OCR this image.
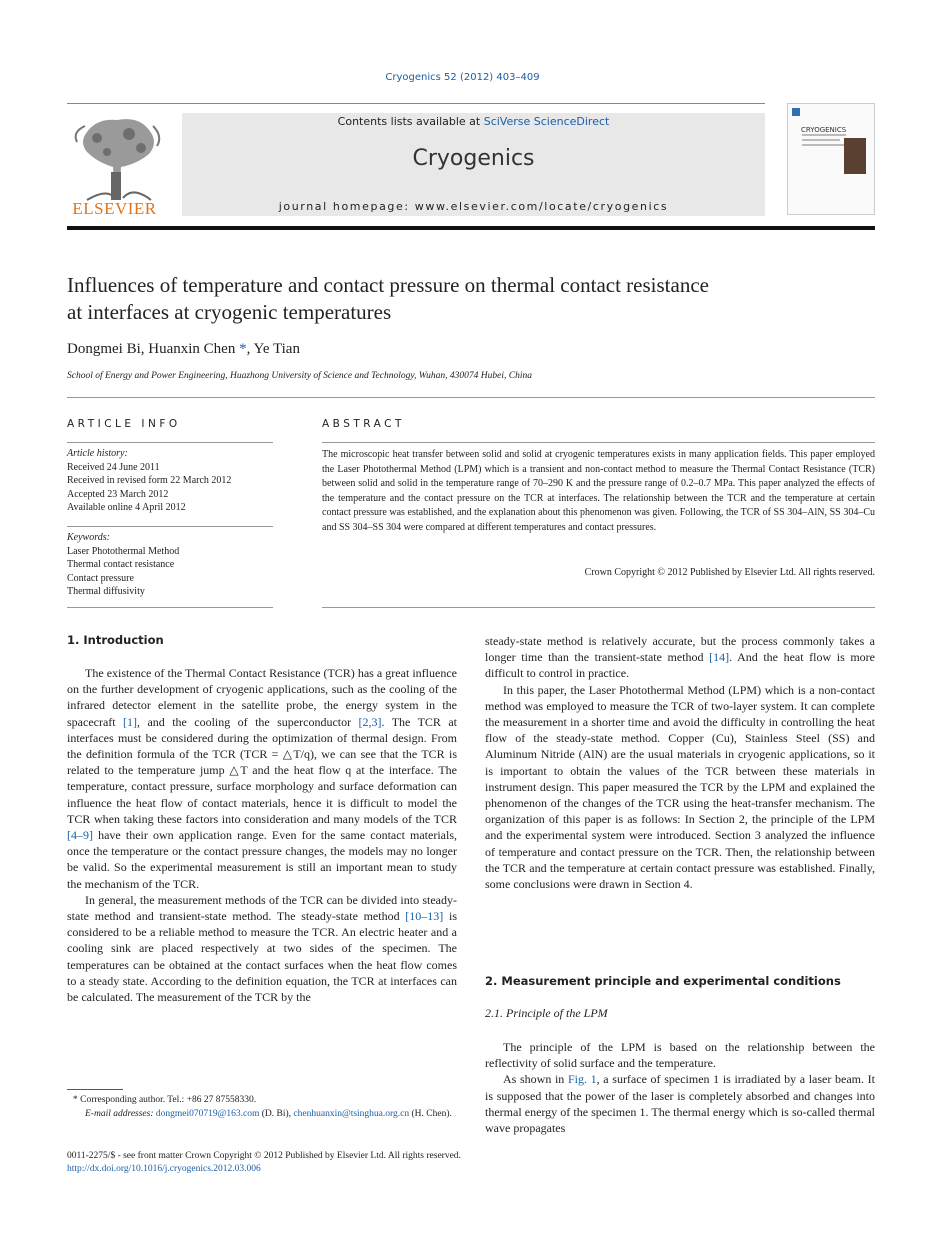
Cryogenics 52 (2012) 403–409
ELSEVIER
Contents lists available at SciVerse ScienceDirect
Cryogenics
journal homepage: www.elsevier.com/locate/cryogenics
CRYOGENICS
Influences of temperature and contact pressure on thermal contact resistance
at interfaces at cryogenic temperatures
Dongmei Bi, Huanxin Chen *, Ye Tian
School of Energy and Power Engineering, Huazhong University of Science and Technology, Wuhan, 430074 Hubei, China
ARTICLE INFO
Article history:
Received 24 June 2011
Received in revised form 22 March 2012
Accepted 23 March 2012
Available online 4 April 2012
Keywords:
Laser Photothermal Method
Thermal contact resistance
Contact pressure
Thermal diffusivity
ABSTRACT
The microscopic heat transfer between solid and solid at cryogenic temperatures exists in many application fields. This paper employed the Laser Photothermal Method (LPM) which is a transient and non-contact method to measure the Thermal Contact Resistance (TCR) between solid and solid in the temperature range of 70–290 K and the pressure range of 0.2–0.7 MPa. This paper analyzed the effects of the temperature and the contact pressure on the TCR at interfaces. The relationship between the TCR and the temperature at certain contact pressure was established, and the explanation about this phenomenon was given. Following, the TCR of SS 304–AlN, SS 304–Cu and SS 304–SS 304 were compared at different temperatures and contact pressures.
Crown Copyright © 2012 Published by Elsevier Ltd. All rights reserved.
1. Introduction

The existence of the Thermal Contact Resistance (TCR) has a great influence on the further development of cryogenic applications, such as the cooling of the infrared detector element in the satellite probe, the energy system in the spacecraft [1], and the cooling of the superconductor [2,3]. The TCR at interfaces must be considered during the optimization of thermal design. From the definition formula of the TCR (TCR = △T/q), we can see that the TCR is related to the temperature jump △T and the heat flow q at the interface. The temperature, contact pressure, surface morphology and surface deformation can influence the heat flow of contact materials, hence it is difficult to model the TCR when taking these factors into consideration and many models of the TCR [4–9] have their own application range. Even for the same contact materials, once the temperature or the contact pressure changes, the models may no longer be valid. So the experimental measurement is still an important mean to study the mechanism of the TCR.

In general, the measurement methods of the TCR can be divided into steady-state method and transient-state method. The steady-state method [10–13] is considered to be a reliable method to measure the TCR. An electric heater and a cooling sink are placed respectively at two sides of the specimen. The temperatures can be obtained at the contact surfaces when the heat flow comes to a steady state. According to the definition equation, the TCR at interfaces can be calculated. The measurement of the TCR by the

* Corresponding author. Tel.: +86 27 87558330.
E-mail addresses: dongmei070719@163.com (D. Bi), chenhuanxin@tsinghua.org.cn (H. Chen).

steady-state method is relatively accurate, but the process commonly takes a longer time than the transient-state method [14]. And the heat flow is more difficult to control in practice.

In this paper, the Laser Photothermal Method (LPM) which is a non-contact method was employed to measure the TCR of two-layer system. It can complete the measurement in a shorter time and avoid the difficulty in controlling the heat flow of the steady-state method. Copper (Cu), Stainless Steel (SS) and Aluminum Nitride (AlN) are the usual materials in cryogenic applications, so it is important to obtain the values of the TCR between these materials in instrument design. This paper measured the TCR by the LPM and explained the phenomenon of the changes of the TCR using the heat-transfer mechanism. The organization of this paper is as follows: In Section 2, the principle of the LPM and the experimental system were introduced. Section 3 analyzed the influence of temperature and contact pressure on the TCR. Then, the relationship between the TCR and the temperature at certain contact pressure was established. Finally, some conclusions were drawn in Section 4.

2. Measurement principle and experimental conditions
2.1. Principle of the LPM

The principle of the LPM is based on the relationship between the reflectivity of solid surface and the temperature.

As shown in Fig. 1, a surface of specimen 1 is irradiated by a laser beam. It is supposed that the power of the laser is completely absorbed and changes into thermal energy of the specimen 1. The thermal energy which is so-called thermal wave propagates

0011-2275/$ - see front matter Crown Copyright © 2012 Published by Elsevier Ltd. All rights reserved.
http://dx.doi.org/10.1016/j.cryogenics.2012.03.006
